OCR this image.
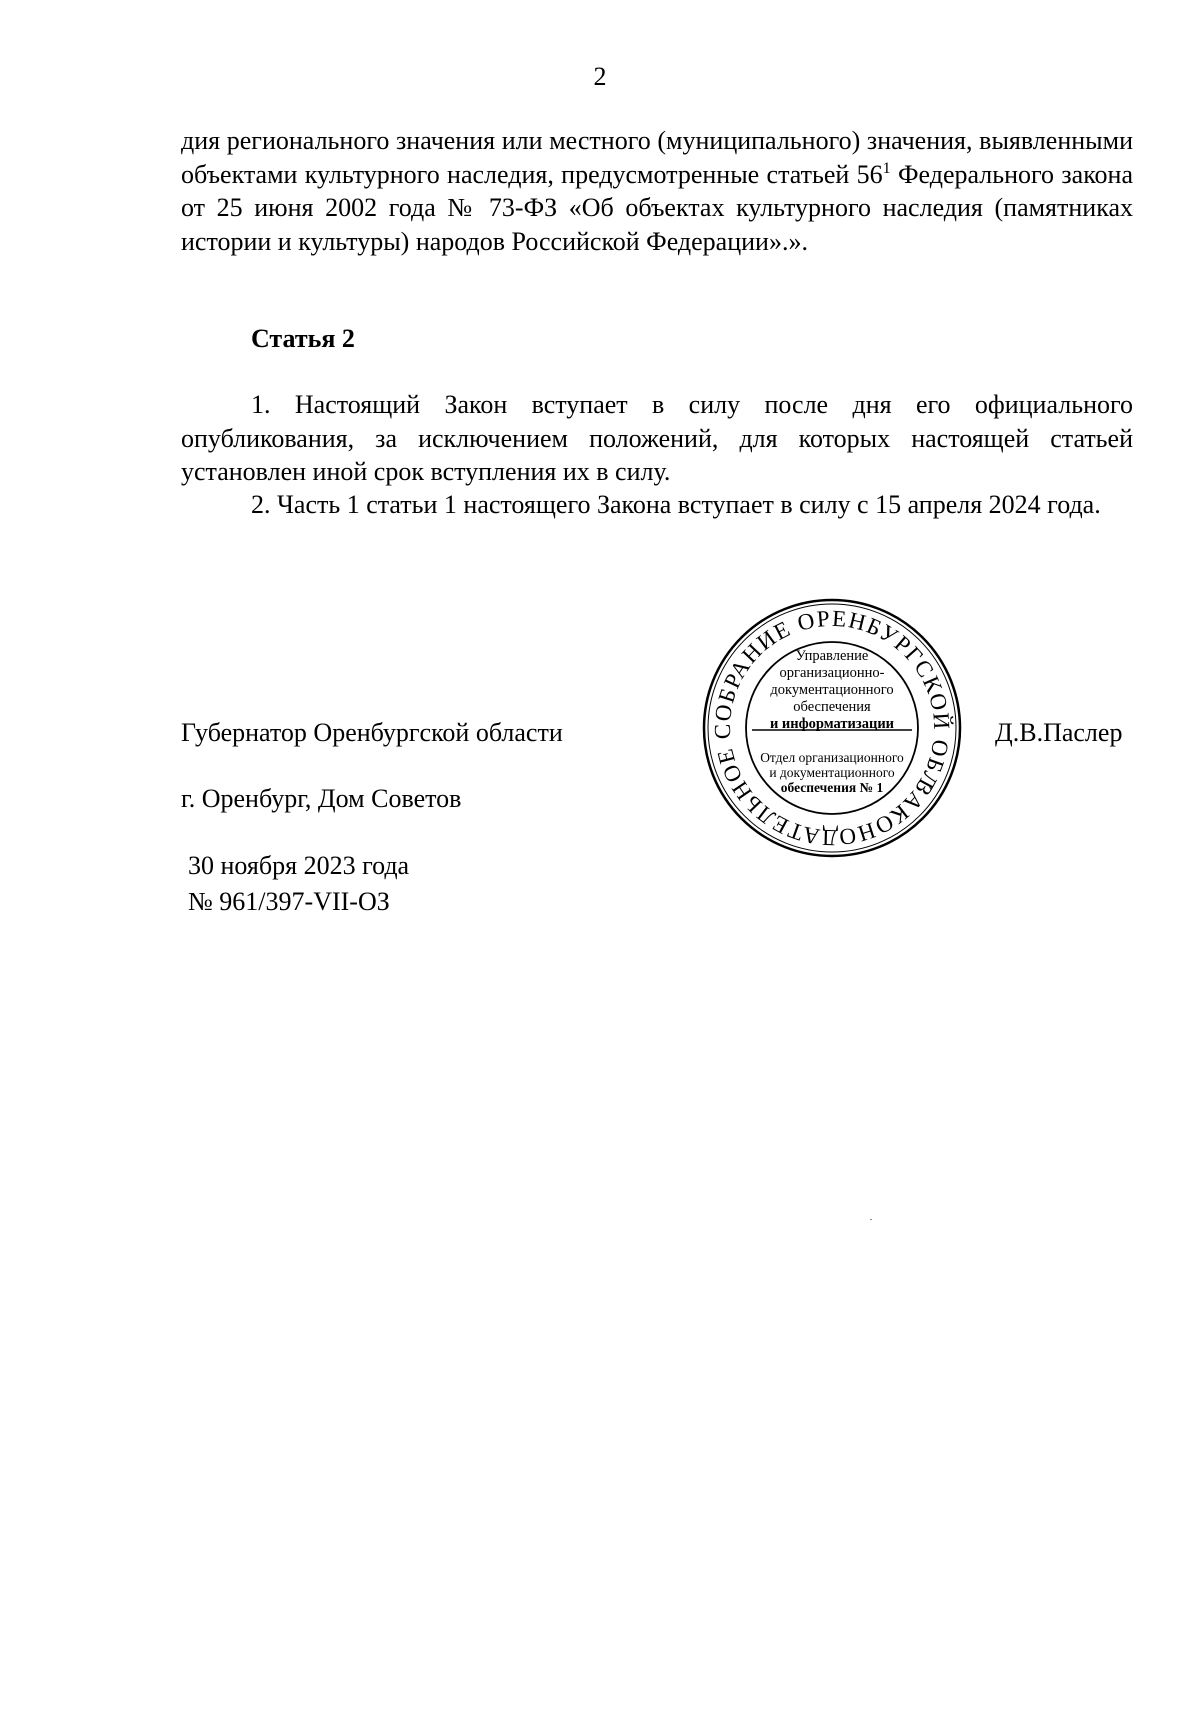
2
дия регионального значения или местного (муниципального) значения, выявленными объектами культурного наследия, предусмотренные статьей $56^1$ Федерального закона от 25 июня 2002 года № 73-ФЗ «Об объектах культурного наследия (памятниках истории и культуры) народов Российской Федерации».».
Статья 2
1. Настоящий Закон вступает в силу после дня его официального опубликования, за исключением положений, для которых настоящей статьей установлен иной срок вступления их в силу.
2. Часть 1 статьи 1 настоящего Закона вступает в силу с 15 апреля 2024 года.
Губернатор Оренбургской области	Д.В.Паслер
г. Оренбург, Дом Советов
30 ноября 2023 года
№ 961/397-VII-ОЗ
ЗАКОНОДАТЕЛЬНОЕ СОБРАНИЕ ОРЕНБУРГСКОЙ ОБЛ
Управление
организационно-
документационного
обеспечения
и информатизации
Отдел организационного
и документационного
обеспечения № 1
